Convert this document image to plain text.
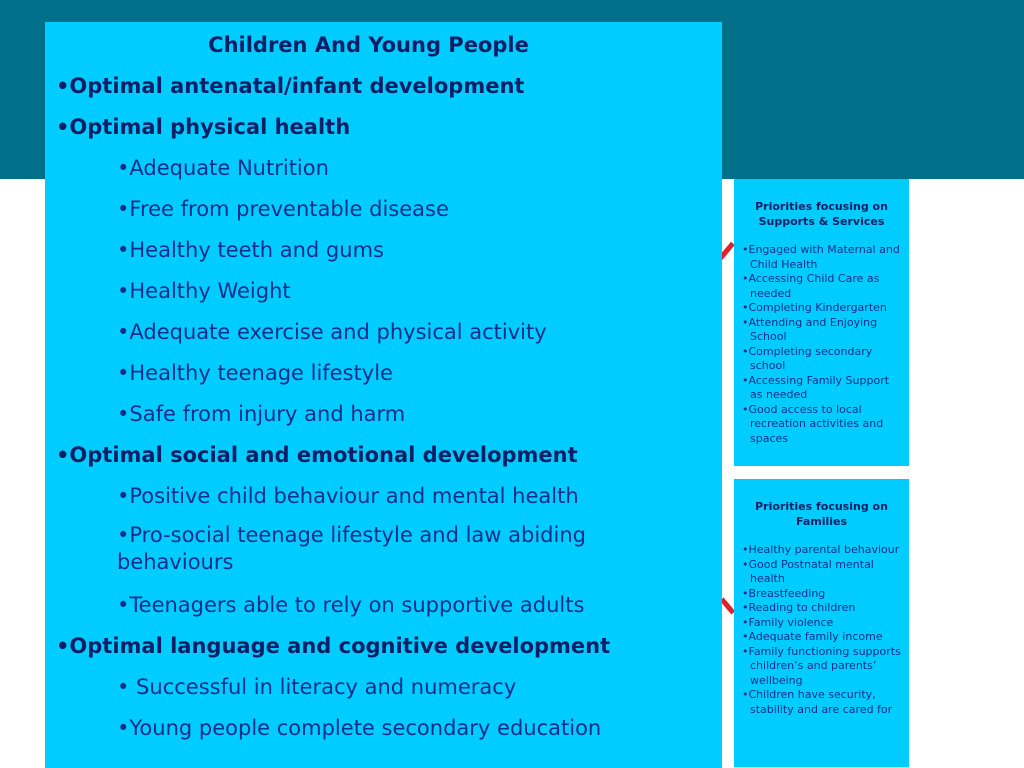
Children And Young People
•Optimal antenatal/infant development
•Optimal physical health
•Adequate Nutrition
•Free from preventable disease
•Healthy teeth and gums
•Healthy Weight
•Adequate exercise and physical activity
•Healthy teenage lifestyle
•Safe from injury and harm
•Optimal social and emotional development
•Positive child behaviour and mental health
•Pro-social teenage lifestyle and law abiding behaviours
•Teenagers able to rely on supportive adults
•Optimal language and cognitive development
• Successful in literacy and numeracy
•Young people complete secondary education
Priorities focusing on Supports & Services
•Engaged with Maternal and Child Health
•Accessing Child Care as needed
•Completing Kindergarten
•Attending and Enjoying School
•Completing secondary school
•Accessing Family Support as needed
•Good access to local recreation activities and spaces
Priorities focusing on Families
•Healthy parental behaviour
•Good Postnatal mental health
•Breastfeeding
•Reading to children
•Family violence
•Adequate family income
•Family functioning supports children’s and parents’ wellbeing
•Children have security, stability and are cared for
